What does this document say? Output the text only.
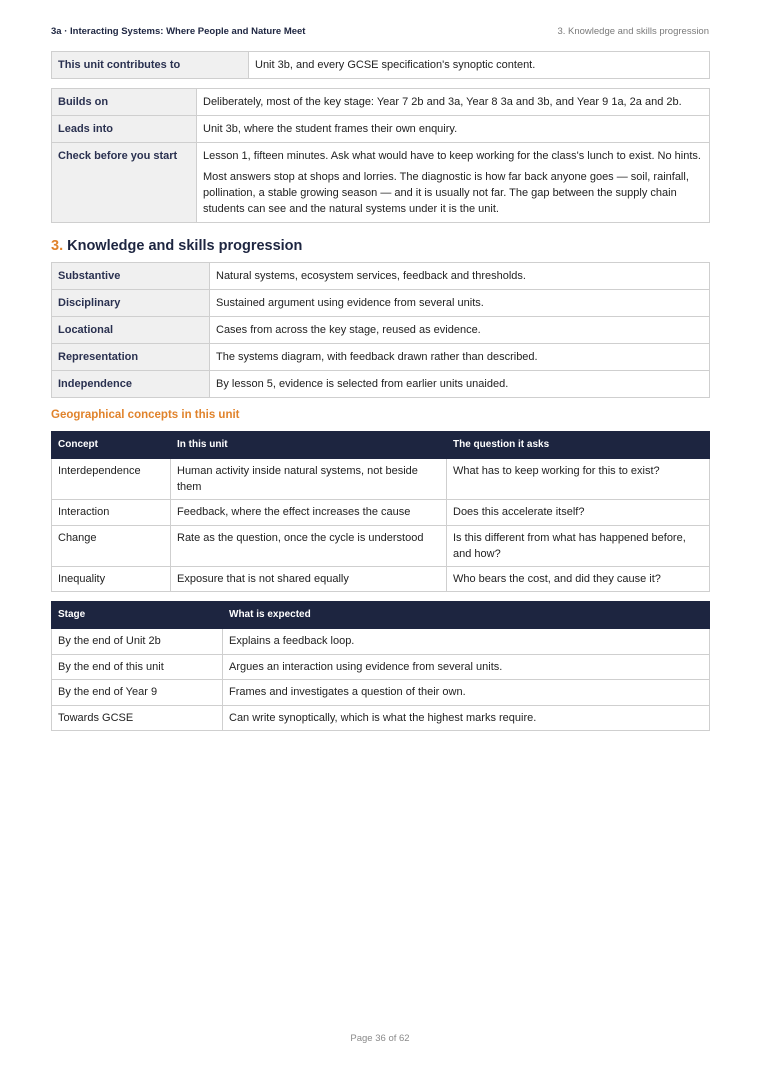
3a · Interacting Systems: Where People and Nature Meet	3. Knowledge and skills progression
This unit contributes to	Unit 3b, and every GCSE specification's synoptic content.
Builds on	Deliberately, most of the key stage: Year 7 2b and 3a, Year 8 3a and 3b, and Year 9 1a, 2a and 2b.
Leads into	Unit 3b, where the student frames their own enquiry.
Check before you start	Lesson 1, fifteen minutes. Ask what would have to keep working for the class's lunch to exist. No hints.

Most answers stop at shops and lorries. The diagnostic is how far back anyone goes — soil, rainfall, pollination, a stable growing season — and it is usually not far. The gap between the supply chain students can see and the natural systems under it is the unit.

3. Knowledge and skills progression
Substantive	Natural systems, ecosystem services, feedback and thresholds.
Disciplinary	Sustained argument using evidence from several units.
Locational	Cases from across the key stage, reused as evidence.
Representation	The systems diagram, with feedback drawn rather than described.
Independence	By lesson 5, evidence is selected from earlier units unaided.
Geographical concepts in this unit
Concept	In this unit	The question it asks
Interdependence	Human activity inside natural systems, not beside them	What has to keep working for this to exist?
Interaction	Feedback, where the effect increases the cause	Does this accelerate itself?
Change	Rate as the question, once the cycle is understood	Is this different from what has happened before, and how?
Inequality	Exposure that is not shared equally	Who bears the cost, and did they cause it?
Stage	What is expected
By the end of Unit 2b	Explains a feedback loop.
By the end of this unit	Argues an interaction using evidence from several units.
By the end of Year 9	Frames and investigates a question of their own.
Towards GCSE	Can write synoptically, which is what the highest marks require.
Page 36 of 62
